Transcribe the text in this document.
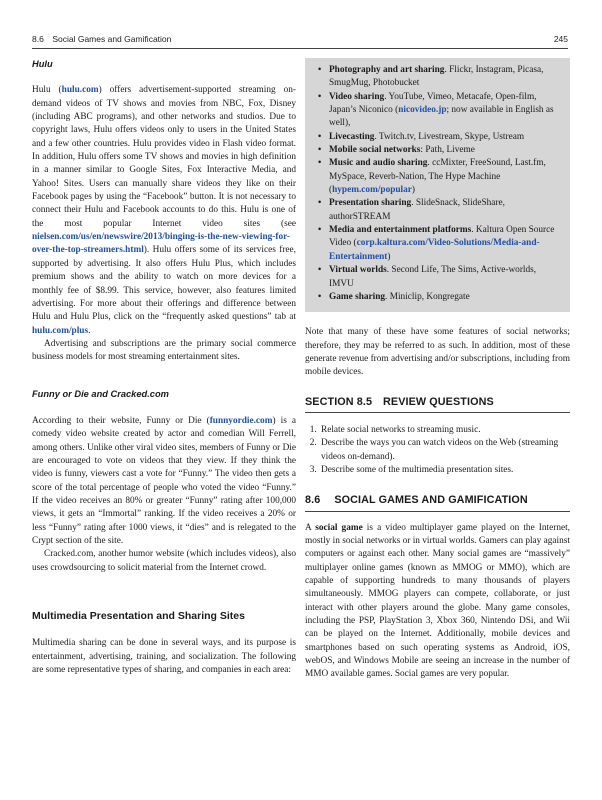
8.6 Social Games and Gamification	245

Hulu

Hulu (hulu.com) offers advertisement-supported streaming on-demand videos of TV shows and movies from NBC, Fox, Disney (including ABC programs), and other networks and studios. Due to copyright laws, Hulu offers videos only to users in the United States and a few other countries. Hulu provides video in Flash video format. In addition, Hulu offers some TV shows and movies in high definition in a manner similar to Google Sites, Fox Interactive Media, and Yahoo! Sites. Users can manually share videos they like on their Facebook pages by using the “Facebook” button. It is not necessary to connect their Hulu and Facebook accounts to do this. Hulu is one of the most popular Internet video sites (see nielsen.com/us/en/newswire/2013/binging-is-the-new-viewing-for-over-the-top-streamers.html). Hulu offers some of its services free, supported by advertising. It also offers Hulu Plus, which includes premium shows and the ability to watch on more devices for a monthly fee of $8.99. This service, however, also features limited advertising. For more about their offerings and difference between Hulu and Hulu Plus, click on the “frequently asked questions” tab at hulu.com/plus.

Advertising and subscriptions are the primary social commerce business models for most streaming entertainment sites.

Funny or Die and Cracked.com

According to their website, Funny or Die (funnyordie.com) is a comedy video website created by actor and comedian Will Ferrell, among others. Unlike other viral video sites, members of Funny or Die are encouraged to vote on videos that they view. If they think the video is funny, viewers cast a vote for “Funny.” The video then gets a score of the total percentage of people who voted the video “Funny.” If the video receives an 80% or greater “Funny” rating after 100,000 views, it gets an “Immortal” ranking. If the video receives a 20% or less “Funny” rating after 1000 views, it “dies” and is relegated to the Crypt section of the site.

Cracked.com, another humor website (which includes videos), also uses crowdsourcing to solicit material from the Internet crowd.

Multimedia Presentation and Sharing Sites

Multimedia sharing can be done in several ways, and its purpose is entertainment, advertising, training, and socialization. The following are some representative types of sharing, and companies in each area:

• Photography and art sharing. Flickr, Instagram, Picasa, SmugMug, Photobucket
• Video sharing. YouTube, Vimeo, Metacafe, Open-film, Japan’s Niconico (nicovideo.jp; now available in English as well),
• Livecasting. Twitch.tv, Livestream, Skype, Ustream
• Mobile social networks: Path, Liveme
• Music and audio sharing. ccMixter, FreeSound, Last.fm, MySpace, Reverb-Nation, The Hype Machine (hypem.com/popular)
• Presentation sharing. SlideSnack, SlideShare, authorSTREAM
• Media and entertainment platforms. Kaltura Open Source Video (corp.kaltura.com/Video-Solutions/Media-and-Entertainment)
• Virtual worlds. Second Life, The Sims, Active-worlds, IMVU
• Game sharing. Miniclip, Kongregate

Note that many of these have some features of social networks; therefore, they may be referred to as such. In addition, most of these generate revenue from advertising and/or subscriptions, including from mobile devices.

SECTION 8.5 REVIEW QUESTIONS
1. Relate social networks to streaming music.
2. Describe the ways you can watch videos on the Web (streaming videos on-demand).
3. Describe some of the multimedia presentation sites.
8.6 SOCIAL GAMES AND GAMIFICATION

A social game is a video multiplayer game played on the Internet, mostly in social networks or in virtual worlds. Gamers can play against computers or against each other. Many social games are “massively” multiplayer online games (known as MMOG or MMO), which are capable of supporting hundreds to many thousands of players simultaneously. MMOG players can compete, collaborate, or just interact with other players around the globe. Many game consoles, including the PSP, PlayStation 3, Xbox 360, Nintendo DSi, and Wii can be played on the Internet. Additionally, mobile devices and smartphones based on such operating systems as Android, iOS, webOS, and Windows Mobile are seeing an increase in the number of MMO available games. Social games are very popular.
